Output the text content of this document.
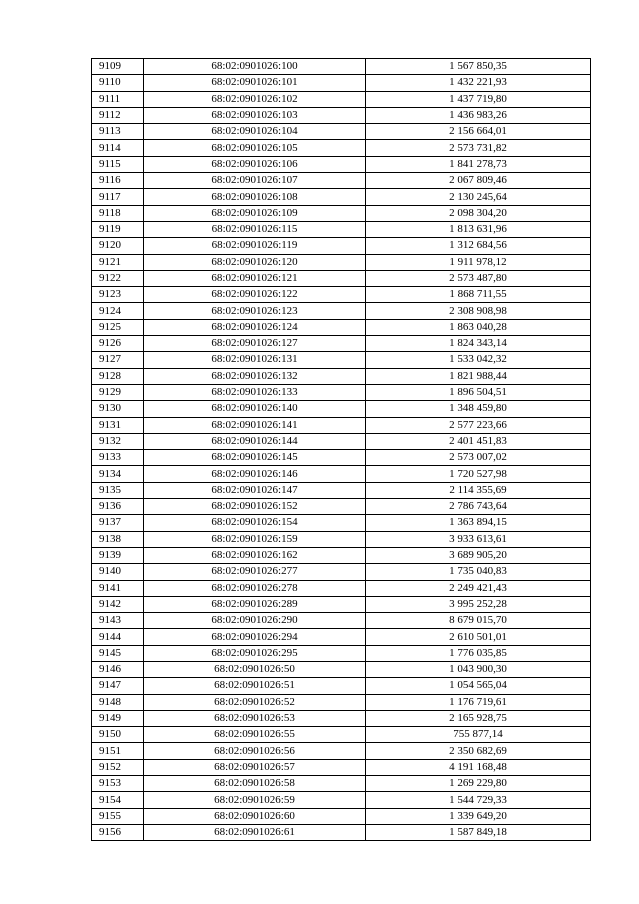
9109	68:02:0901026:100	1 567 850,35
9110	68:02:0901026:101	1 432 221,93
9111	68:02:0901026:102	1 437 719,80
9112	68:02:0901026:103	1 436 983,26
9113	68:02:0901026:104	2 156 664,01
9114	68:02:0901026:105	2 573 731,82
9115	68:02:0901026:106	1 841 278,73
9116	68:02:0901026:107	2 067 809,46
9117	68:02:0901026:108	2 130 245,64
9118	68:02:0901026:109	2 098 304,20
9119	68:02:0901026:115	1 813 631,96
9120	68:02:0901026:119	1 312 684,56
9121	68:02:0901026:120	1 911 978,12
9122	68:02:0901026:121	2 573 487,80
9123	68:02:0901026:122	1 868 711,55
9124	68:02:0901026:123	2 308 908,98
9125	68:02:0901026:124	1 863 040,28
9126	68:02:0901026:127	1 824 343,14
9127	68:02:0901026:131	1 533 042,32
9128	68:02:0901026:132	1 821 988,44
9129	68:02:0901026:133	1 896 504,51
9130	68:02:0901026:140	1 348 459,80
9131	68:02:0901026:141	2 577 223,66
9132	68:02:0901026:144	2 401 451,83
9133	68:02:0901026:145	2 573 007,02
9134	68:02:0901026:146	1 720 527,98
9135	68:02:0901026:147	2 114 355,69
9136	68:02:0901026:152	2 786 743,64
9137	68:02:0901026:154	1 363 894,15
9138	68:02:0901026:159	3 933 613,61
9139	68:02:0901026:162	3 689 905,20
9140	68:02:0901026:277	1 735 040,83
9141	68:02:0901026:278	2 249 421,43
9142	68:02:0901026:289	3 995 252,28
9143	68:02:0901026:290	8 679 015,70
9144	68:02:0901026:294	2 610 501,01
9145	68:02:0901026:295	1 776 035,85
9146	68:02:0901026:50	1 043 900,30
9147	68:02:0901026:51	1 054 565,04
9148	68:02:0901026:52	1 176 719,61
9149	68:02:0901026:53	2 165 928,75
9150	68:02:0901026:55	755 877,14
9151	68:02:0901026:56	2 350 682,69
9152	68:02:0901026:57	4 191 168,48
9153	68:02:0901026:58	1 269 229,80
9154	68:02:0901026:59	1 544 729,33
9155	68:02:0901026:60	1 339 649,20
9156	68:02:0901026:61	1 587 849,18
